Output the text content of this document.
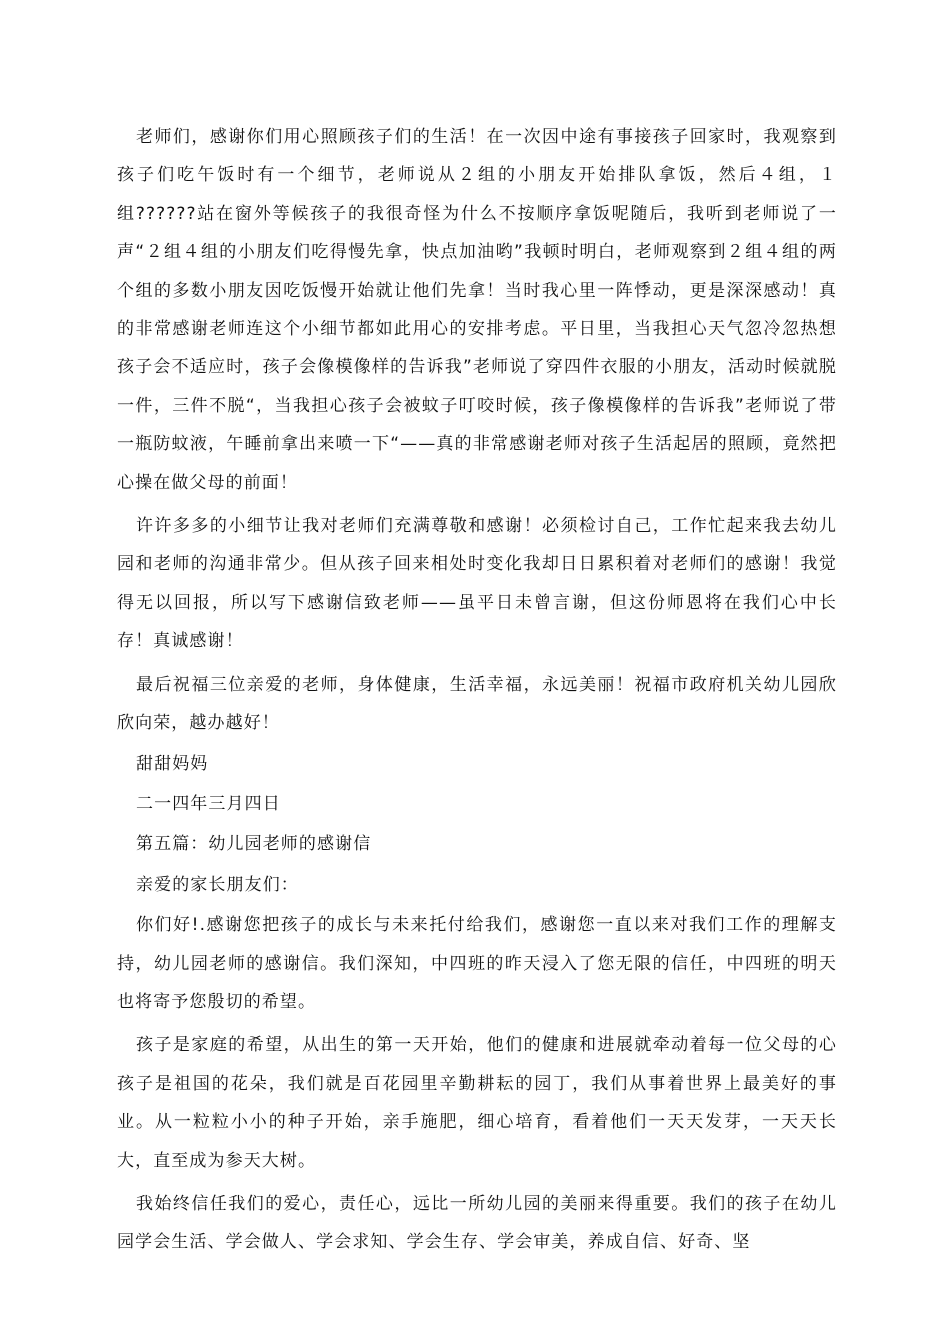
老师们，感谢你们用心照顾孩子们的生活！在一次因中途有事接孩子回家时，我观察到孩子们吃午饭时有一个细节，老师说从２组的小朋友开始排队拿饭，然后４组，１组??????站在窗外等候孩子的我很奇怪为什么不按顺序拿饭呢随后，我听到老师说了一声“２组４组的小朋友们吃得慢先拿，快点加油哟”我顿时明白，老师观察到２组４组的两个组的多数小朋友因吃饭慢开始就让他们先拿！当时我心里一阵悸动，更是深深感动！真的非常感谢老师连这个小细节都如此用心的安排考虑。平日里，当我担心天气忽冷忽热想孩子会不适应时，孩子会像模像样的告诉我”老师说了穿四件衣服的小朋友，活动时候就脱一件，三件不脱“，当我担心孩子会被蚊子叮咬时候，孩子像模像样的告诉我”老师说了带一瓶防蚊液，午睡前拿出来喷一下“——真的非常感谢老师对孩子生活起居的照顾，竟然把心操在做父母的前面！

许许多多的小细节让我对老师们充满尊敬和感谢！必须检讨自己，工作忙起来我去幼儿园和老师的沟通非常少。但从孩子回来相处时变化我却日日累积着对老师们的感谢！我觉得无以回报，所以写下感谢信致老师——虽平日未曾言谢，但这份师恩将在我们心中长存！真诚感谢！

最后祝福三位亲爱的老师，身体健康，生活幸福，永远美丽！祝福市政府机关幼儿园欣欣向荣，越办越好！

甜甜妈妈

二一四年三月四日

第五篇：幼儿园老师的感谢信

亲爱的家长朋友们：

你们好!.感谢您把孩子的成长与未来托付给我们，感谢您一直以来对我们工作的理解支持，幼儿园老师的感谢信。我们深知，中四班的昨天浸入了您无限的信任，中四班的明天也将寄予您殷切的希望。

孩子是家庭的希望，从出生的第一天开始，他们的健康和进展就牵动着每一位父母的心孩子是祖国的花朵，我们就是百花园里辛勤耕耘的园丁，我们从事着世界上最美好的事业。从一粒粒小小的种子开始，亲手施肥，细心培育，看着他们一天天发芽，一天天长大，直至成为参天大树。

我始终信任我们的爱心，责任心，远比一所幼儿园的美丽来得重要。我们的孩子在幼儿园学会生活、学会做人、学会求知、学会生存、学会审美，养成自信、好奇、坚
